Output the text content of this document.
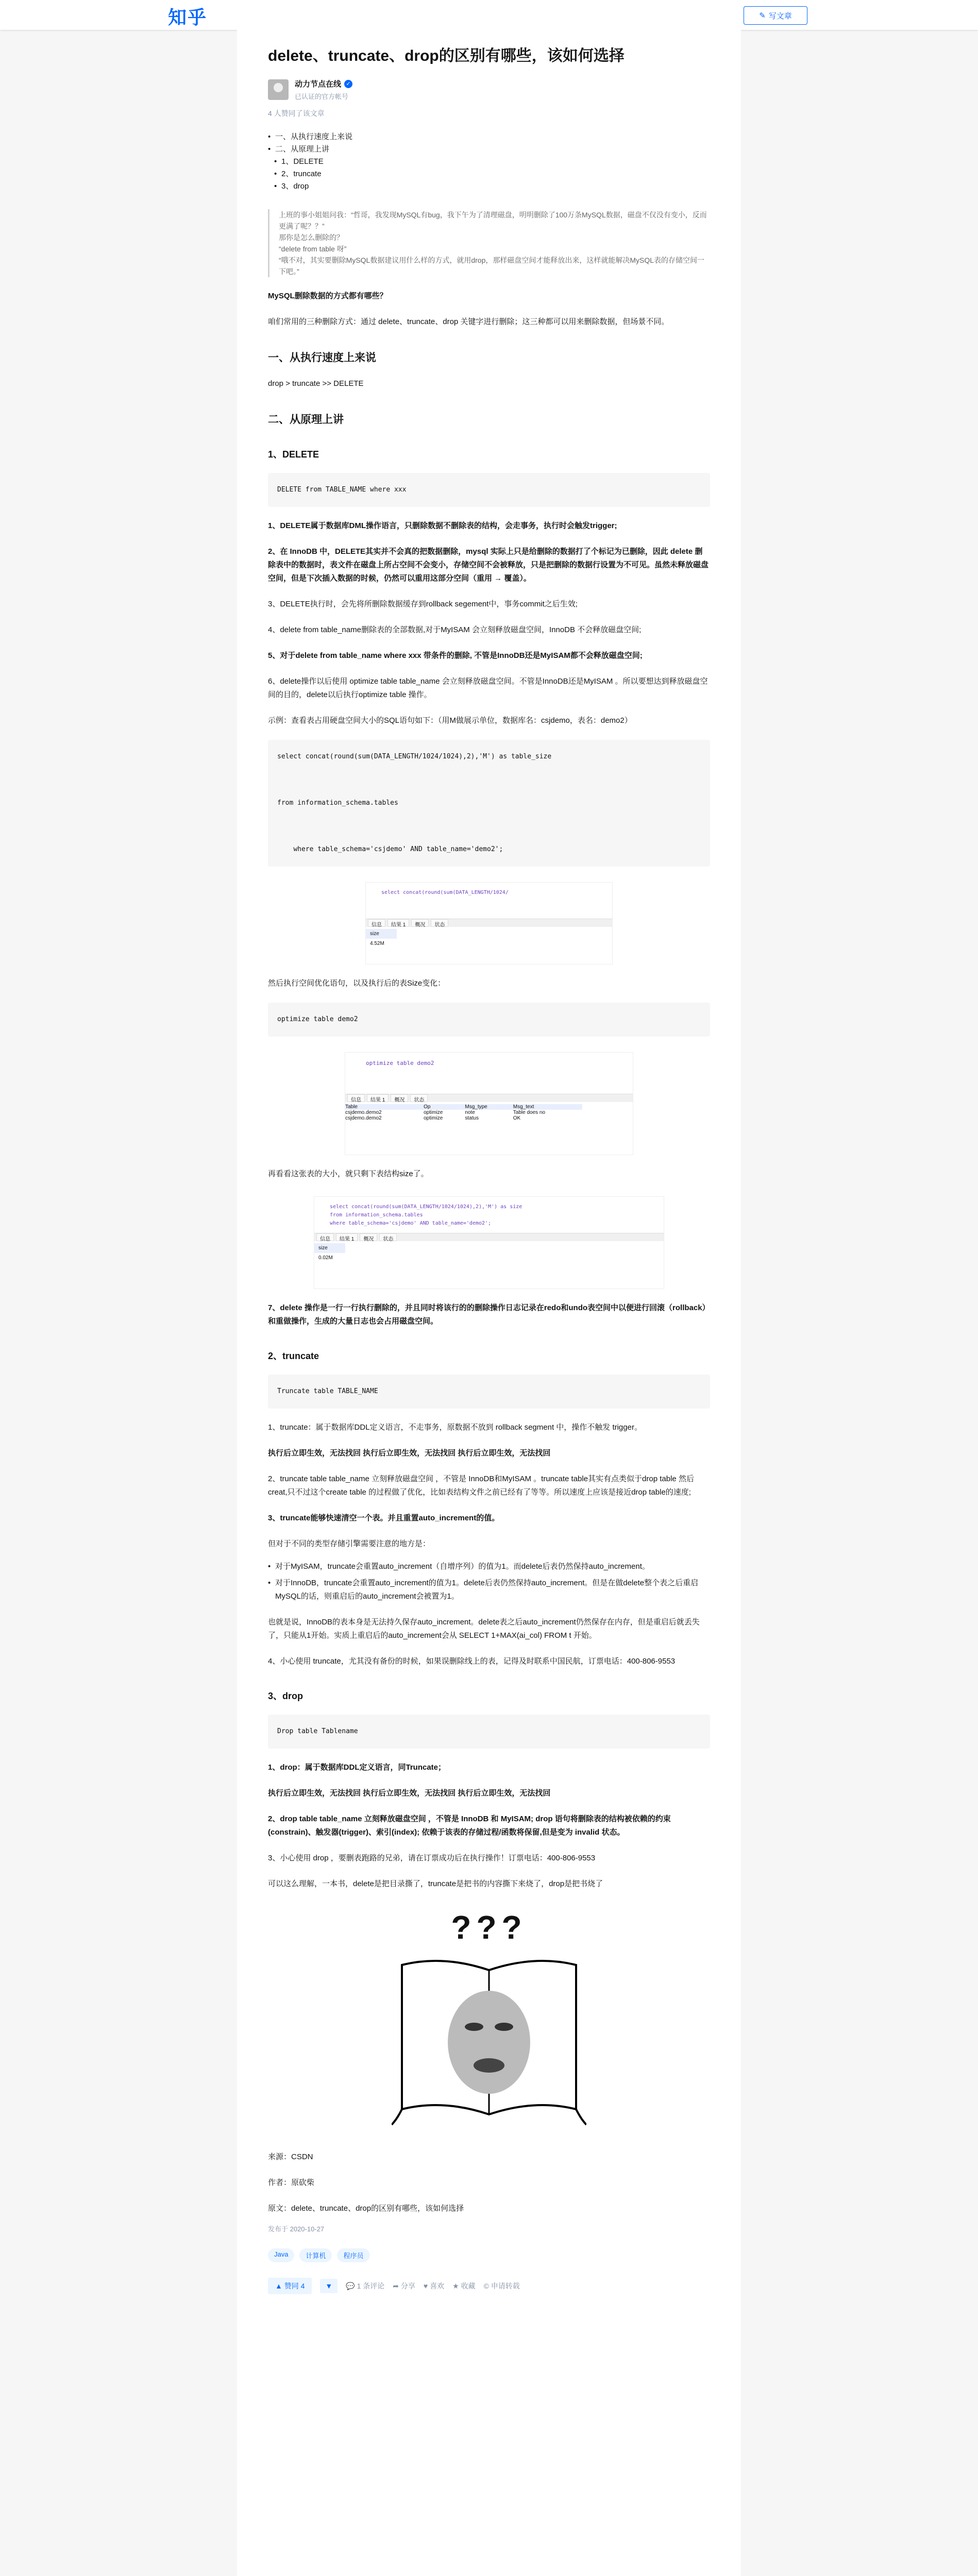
知乎	✎ 写文章
delete、truncate、drop的区别有哪些，该如何选择
动力节点在线 ✓
已认证的官方帐号
4 人赞同了该文章
• 一、从执行速度上来说
• 二、从原理上讲
• 1、DELETE
• 2、truncate
• 3、drop
上班的事小姐姐问我：“哲哥，我发现MySQL有bug，我下午为了清理磁盘，明明删除了100万条MySQL数据，磁盘不仅没有变小，反而更满了呢？？”
那你是怎么删除的？
“delete from table 呀”
“哦不对，其实要删除MySQL数据建议用什么样的方式，就用drop，那样磁盘空间才能释放出来，这样就能解决MySQL表的存储空间一下吧。”

MySQL删除数据的方式都有哪些？

咱们常用的三种删除方式：通过 delete、truncate、drop 关键字进行删除；这三种都可以用来删除数据，但场景不同。

一、从执行速度上来说

drop > truncate >> DELETE

二、从原理上讲
1、DELETE
DELETE from TABLE_NAME where xxx

1、DELETE属于数据库DML操作语言，只删除数据不删除表的结构，会走事务，执行时会触发trigger;

2、在 InnoDB 中，DELETE其实并不会真的把数据删除，mysql 实际上只是给删除的数据打了个标记为已删除，因此 delete 删除表中的数据时，表文件在磁盘上所占空间不会变小，存储空间不会被释放，只是把删除的数据行设置为不可见。虽然未释放磁盘空间，但是下次插入数据的时候，仍然可以重用这部分空间（重用 → 覆盖）。

3、DELETE执行时，会先将所删除数据缓存到rollback segement中，事务commit之后生效;

4、delete from table_name删除表的全部数据,对于MyISAM 会立刻释放磁盘空间，InnoDB 不会释放磁盘空间;

5、对于delete from table_name where xxx 带条件的删除, 不管是InnoDB还是MyISAM都不会释放磁盘空间;

6、delete操作以后使用 optimize table table_name 会立刻释放磁盘空间。不管是InnoDB还是MyISAM 。所以要想达到释放磁盘空间的目的，delete以后执行optimize table 操作。

示例：查看表占用硬盘空间大小的SQL语句如下：（用M做展示单位，数据库名：csjdemo，表名：demo2）

select concat(round(sum(DATA_LENGTH/1024/1024),2),'M') as table_size

from information_schema.tables

where table_schema='csjdemo' AND table_name='demo2';
select concat(round(sum(DATA_LENGTH/1024/
信息	结果 1	概况	状态
size
4.52M

然后执行空间优化语句，以及执行后的表Size变化：

optimize table demo2
optimize table demo2
信息	结果 1	概况	状态
Table	Op	Msg_type	Msg_text
csjdemo.demo2	optimize	note	Table does no
csjdemo.demo2	optimize	status	OK

再看看这张表的大小，就只剩下表结构size了。

select concat(round(sum(DATA_LENGTH/1024/1024),2),'M') as size
from information_schema.tables
where table_schema='csjdemo' AND table_name='demo2';
信息	结果 1	概况	状态
size
0.02M

7、delete 操作是一行一行执行删除的，并且同时将该行的的删除操作日志记录在redo和undo表空间中以便进行回滚（rollback）和重做操作，生成的大量日志也会占用磁盘空间。

2、truncate
Truncate table TABLE_NAME

1、truncate：属于数据库DDL定义语言，不走事务，原数据不放到 rollback segment 中，操作不触发 trigger。

执行后立即生效，无法找回 执行后立即生效，无法找回 执行后立即生效，无法找回

2、truncate table table_name 立刻释放磁盘空间 ，不管是 InnoDB和MyISAM 。truncate table其实有点类似于drop table 然后creat,只不过这个create table 的过程做了优化，比如表结构文件之前已经有了等等。所以速度上应该是接近drop table的速度;

3、truncate能够快速清空一个表。并且重置auto_increment的值。

但对于不同的类型存储引擎需要注意的地方是：

• 对于MyISAM，truncate会重置auto_increment（自增序列）的值为1。而delete后表仍然保持auto_increment。
• 对于InnoDB，truncate会重置auto_increment的值为1。delete后表仍然保持auto_increment。但是在做delete整个表之后重启MySQL的话，则重启后的auto_increment会被置为1。

也就是说，InnoDB的表本身是无法持久保存auto_increment。delete表之后auto_increment仍然保存在内存，但是重启后就丢失了，只能从1开始。实质上重启后的auto_increment会从 SELECT 1+MAX(ai_col) FROM t 开始。

4、小心使用 truncate，尤其没有备份的时候，如果误删除线上的表，记得及时联系中国民航，订票电话：400-806-9553

3、drop
Drop table Tablename

1、drop：属于数据库DDL定义语言，同Truncate；

执行后立即生效，无法找回 执行后立即生效，无法找回 执行后立即生效，无法找回

2、drop table table_name 立刻释放磁盘空间 ，不管是 InnoDB 和 MyISAM; drop 语句将删除表的结构被依赖的约束(constrain)、触发器(trigger)、索引(index); 依赖于该表的存储过程/函数将保留,但是变为 invalid 状态。

3、小心使用 drop ，要删表跑路的兄弟，请在订票成功后在执行操作！订票电话：400-806-9553

可以这么理解，一本书，delete是把目录撕了，truncate是把书的内容撕下来烧了，drop是把书烧了

???

来源：CSDN

作者：原砍柴

原文：delete、truncate、drop的区别有哪些，该如何选择

发布于 2020-10-27

Java	计算机	程序员
▲ 赞同 4	▼	💬 1 条评论 ➦ 分享 ♥ 喜欢 ★ 收藏 © 申请转载
